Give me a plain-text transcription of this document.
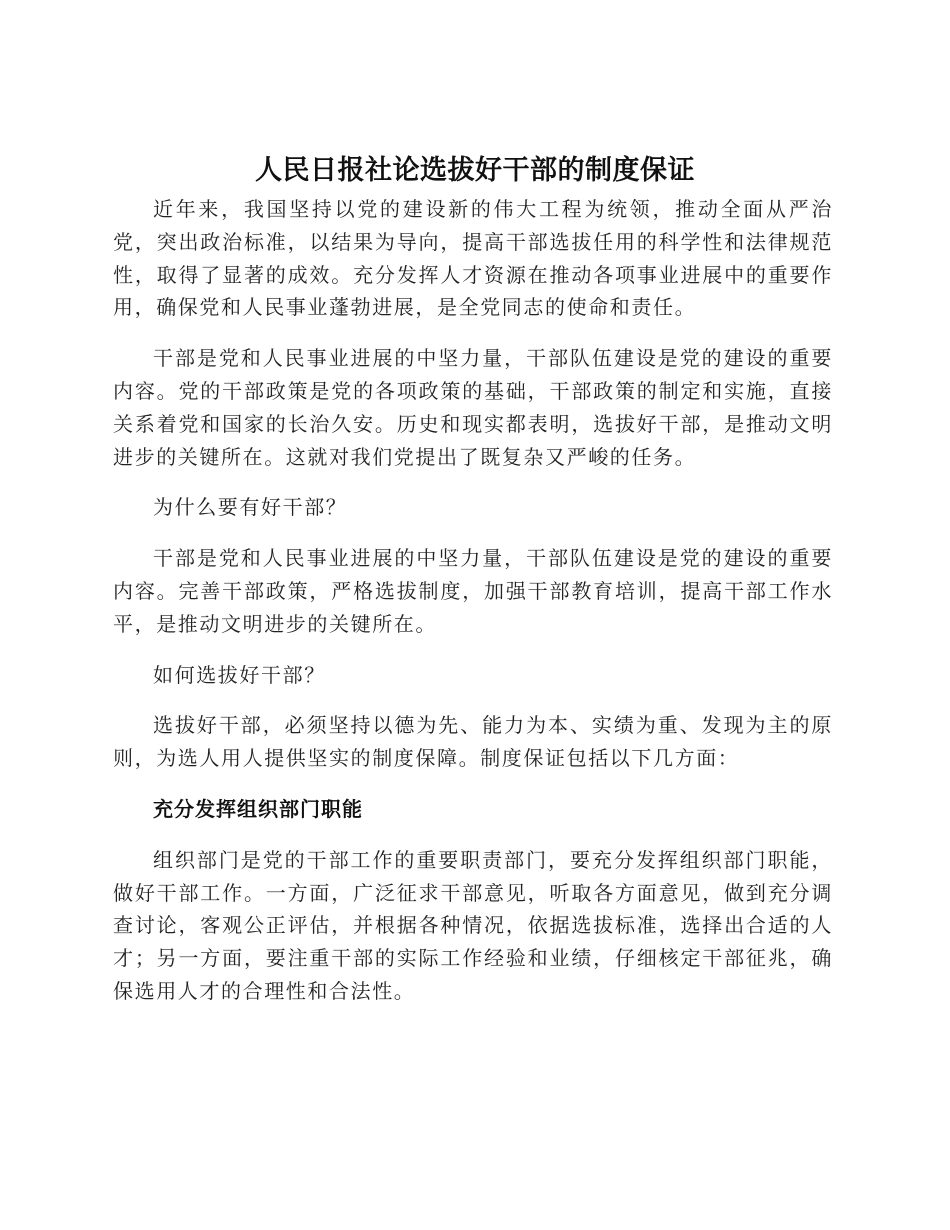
人民日报社论选拔好干部的制度保证

近年来，我国坚持以党的建设新的伟大工程为统领，推动全面从严治党，突出政治标准，以结果为导向，提高干部选拔任用的科学性和法律规范性，取得了显著的成效。充分发挥人才资源在推动各项事业进展中的重要作用，确保党和人民事业蓬勃进展，是全党同志的使命和责任。

干部是党和人民事业进展的中坚力量，干部队伍建设是党的建设的重要内容。党的干部政策是党的各项政策的基础，干部政策的制定和实施，直接关系着党和国家的长治久安。历史和现实都表明，选拔好干部，是推动文明进步的关键所在。这就对我们党提出了既复杂又严峻的任务。

为什么要有好干部？

干部是党和人民事业进展的中坚力量，干部队伍建设是党的建设的重要内容。完善干部政策，严格选拔制度，加强干部教育培训，提高干部工作水平，是推动文明进步的关键所在。

如何选拔好干部？

选拔好干部，必须坚持以德为先、能力为本、实绩为重、发现为主的原则，为选人用人提供坚实的制度保障。制度保证包括以下几方面：

充分发挥组织部门职能

组织部门是党的干部工作的重要职责部门，要充分发挥组织部门职能，做好干部工作。一方面，广泛征求干部意见，听取各方面意见，做到充分调查讨论，客观公正评估，并根据各种情况，依据选拔标准，选择出合适的人才；另一方面，要注重干部的实际工作经验和业绩，仔细核定干部征兆，确保选用人才的合理性和合法性。
